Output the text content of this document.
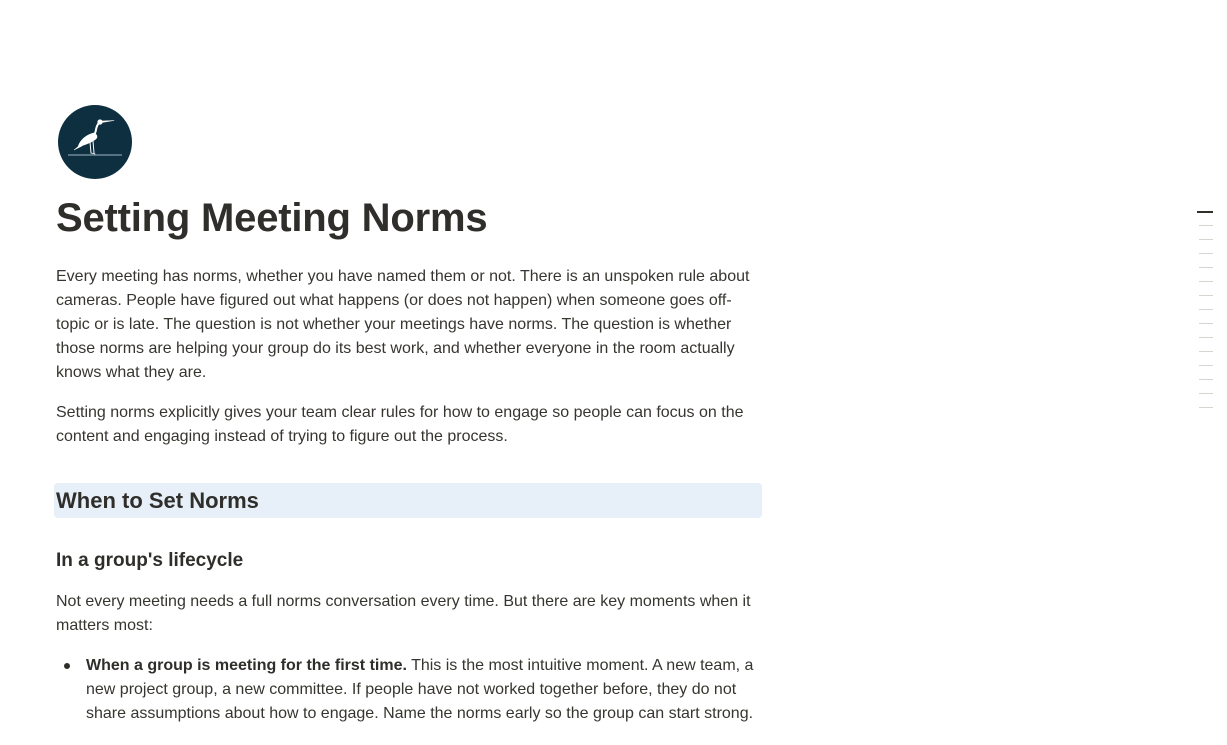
Setting Meeting Norms

Every meeting has norms, whether you have named them or not. There is an unspoken rule about cameras. People have figured out what happens (or does not happen) when someone goes off-topic or is late. The question is not whether your meetings have norms. The question is whether those norms are helping your group do its best work, and whether everyone in the room actually knows what they are.

Setting norms explicitly gives your team clear rules for how to engage so people can focus on the content and engaging instead of trying to figure out the process.

When to Set Norms
In a group's lifecycle

Not every meeting needs a full norms conversation every time. But there are key moments when it matters most:

When a group is meeting for the first time. This is the most intuitive moment. A new team, a new project group, a new committee. If people have not worked together before, they do not share assumptions about how to engage. Name the norms early so the group can start strong.
